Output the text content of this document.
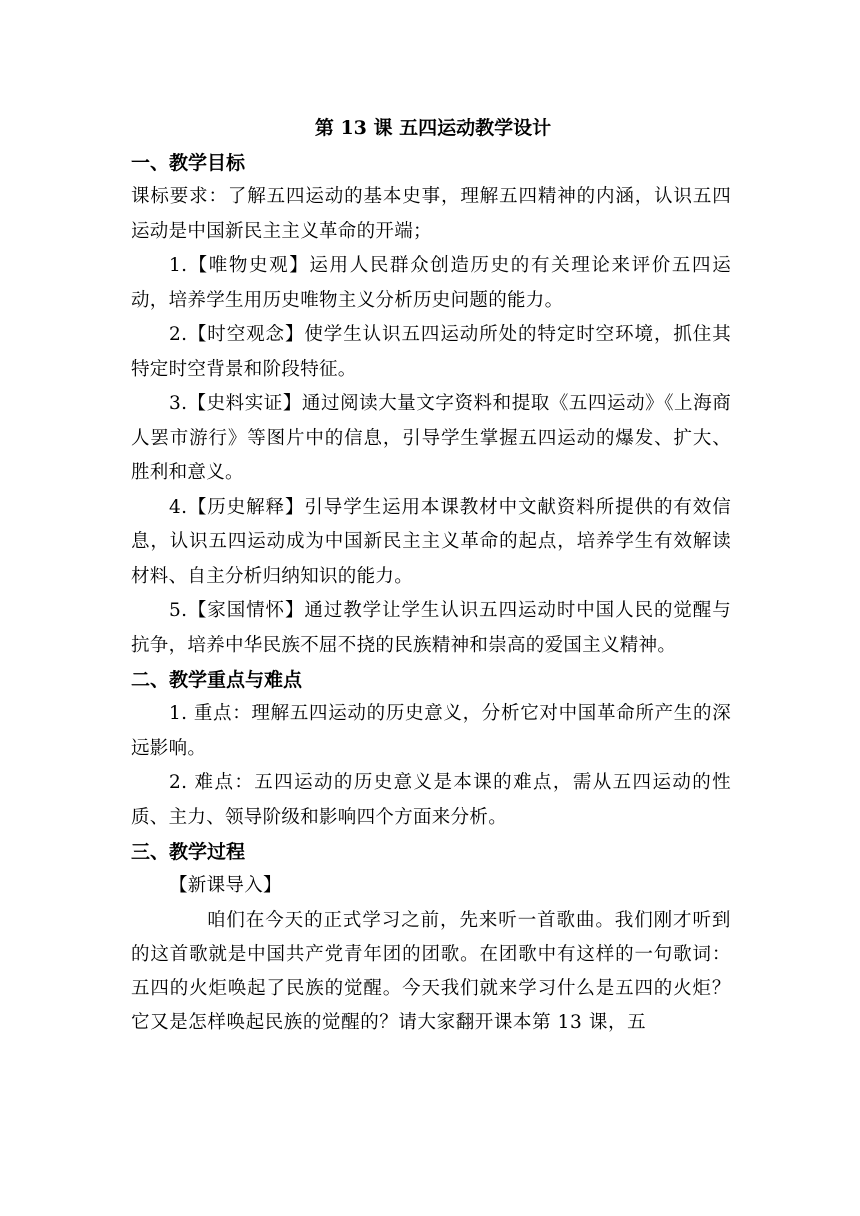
第 13 课 五四运动教学设计
一、教学目标

课标要求：了解五四运动的基本史事，理解五四精神的内涵，认识五四运动是中国新民主主义革命的开端；

1.【唯物史观】运用人民群众创造历史的有关理论来评价五四运动，培养学生用历史唯物主义分析历史问题的能力。

2.【时空观念】使学生认识五四运动所处的特定时空环境，抓住其特定时空背景和阶段特征。

3.【史料实证】通过阅读大量文字资料和提取《五四运动》《上海商人罢市游行》等图片中的信息，引导学生掌握五四运动的爆发、扩大、胜利和意义。

4.【历史解释】引导学生运用本课教材中文献资料所提供的有效信息，认识五四运动成为中国新民主主义革命的起点，培养学生有效解读材料、自主分析归纳知识的能力。

5.【家国情怀】通过教学让学生认识五四运动时中国人民的觉醒与抗争，培养中华民族不屈不挠的民族精神和崇高的爱国主义精神。

二、教学重点与难点

1. 重点：理解五四运动的历史意义，分析它对中国革命所产生的深远影响。

2. 难点：五四运动的历史意义是本课的难点，需从五四运动的性质、主力、领导阶级和影响四个方面来分析。

三、教学过程

【新课导入】

咱们在今天的正式学习之前，先来听一首歌曲。我们刚才听到的这首歌就是中国共产党青年团的团歌。在团歌中有这样的一句歌词：五四的火炬唤起了民族的觉醒。今天我们就来学习什么是五四的火炬？它又是怎样唤起民族的觉醒的？请大家翻开课本第 13 课，五
